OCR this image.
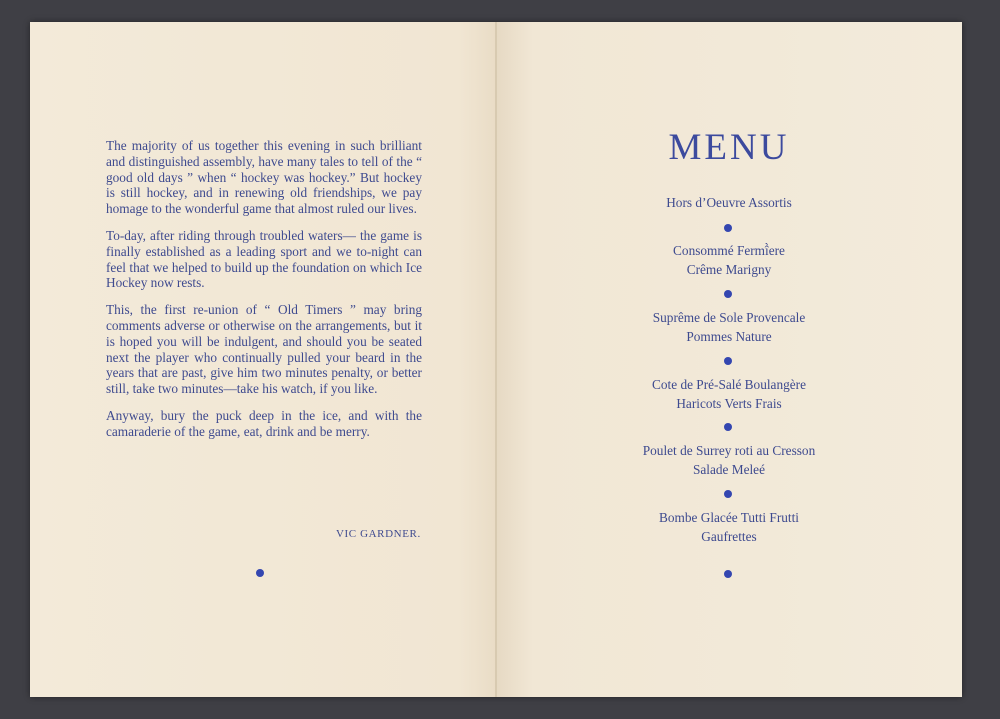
The majority of us together this evening in such brilliant and distinguished assembly, have many tales to tell of the “ good old days ” when “ hockey was hockey.” But hockey is still hockey, and in renewing old friendships, we pay homage to the wonderful game that almost ruled our lives.

To-day, after riding through troubled waters— the game is finally established as a leading sport and we to-night can feel that we helped to build up the foundation on which Ice Hockey now rests.

This, the first re-union of “ Old Timers ” may bring comments adverse or otherwise on the arrangements, but it is hoped you will be indulgent, and should you be seated next the player who continually pulled your beard in the years that are past, give him two minutes penalty, or better still, take two minutes—take his watch, if you like.

Anyway, bury the puck deep in the ice, and with the camaraderie of the game, eat, drink and be merry.

VIC GARDNER.
MENU
Hors d’Oeuvre Assortis
Consommé Fermî̀ere
Crême Marigny
Suprême de Sole Provencale
Pommes Nature
Cote de Pré-Salé Boulangère
Haricots Verts Frais
Poulet de Surrey roti au Cresson
Salade Meleé
Bombe Glacée Tutti Frutti
Gaufrettes
